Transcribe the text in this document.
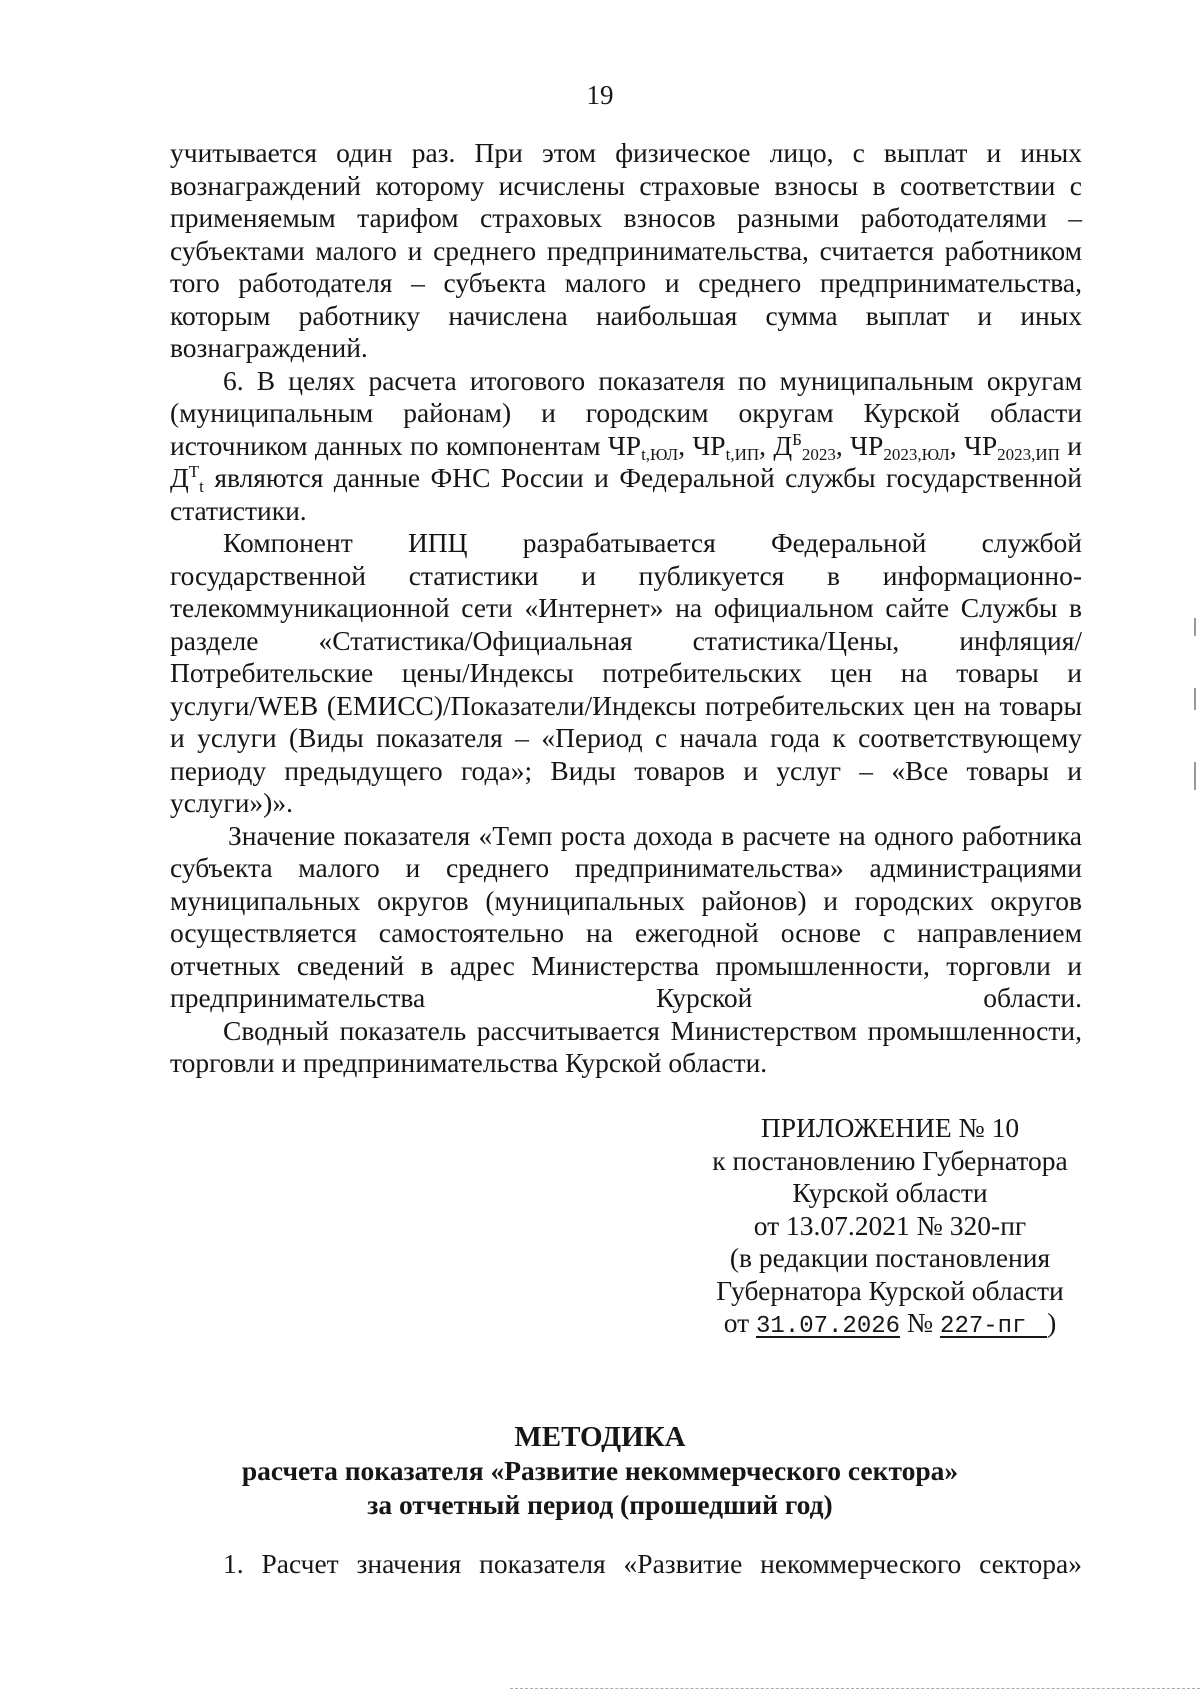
19

учитывается один раз. При этом физическое лицо, с выплат и иных вознаграждений которому исчислены страховые взносы в соответствии с применяемым тарифом страховых взносов разными работодателями – субъектами малого и среднего предпринимательства, считается работником того работодателя – субъекта малого и среднего предпринимательства, которым работнику начислена наибольшая сумма выплат и иных вознаграждений.

6. В целях расчета итогового показателя по муниципальным округам (муниципальным районам) и городским округам Курской области источником данных по компонентам $ЧР_{t,ЮЛ}$, $ЧР_{t,ИП}$, $Д^Б_{2023}$, $ЧР_{2023,ЮЛ}$, $ЧР_{2023,ИП}$ и $Д^Т_t$ являются данные ФНС России и Федеральной службы государственной статистики.

Компонент ИПЦ разрабатывается Федеральной службой государственной статистики и публикуется в информационно-телекоммуникационной сети «Интернет» на официальном сайте Службы в разделе «Статистика/Официальная статистика/Цены, инфляция/Потребительские цены/Индексы потребительских цен на товары и услуги/WEB (ЕМИСС)/Показатели/Индексы потребительских цен на товары и услуги (Виды показателя – «Период с начала года к соответствующему периоду предыдущего года»; Виды товаров и услуг – «Все товары и услуги»)».

Значение показателя «Темп роста дохода в расчете на одного работника субъекта малого и среднего предпринимательства» администрациями муниципальных округов (муниципальных районов) и городских округов осуществляется самостоятельно на ежегодной основе с направлением отчетных сведений в адрес Министерства промышленности, торговли и предпринимательства Курской области.

Сводный показатель рассчитывается Министерством промышленности, торговли и предпринимательства Курской области.

ПРИЛОЖЕНИЕ № 10
к постановлению Губернатора
Курской области
от 13.07.2021 № 320-пг
(в редакции постановления
Губернатора Курской области
от 31.07.2026 № 227-пг )
МЕТОДИКА
расчета показателя «Развитие некоммерческого сектора»
за отчетный период (прошедший год)
1. Расчет значения показателя «Развитие некоммерческого сектора»
